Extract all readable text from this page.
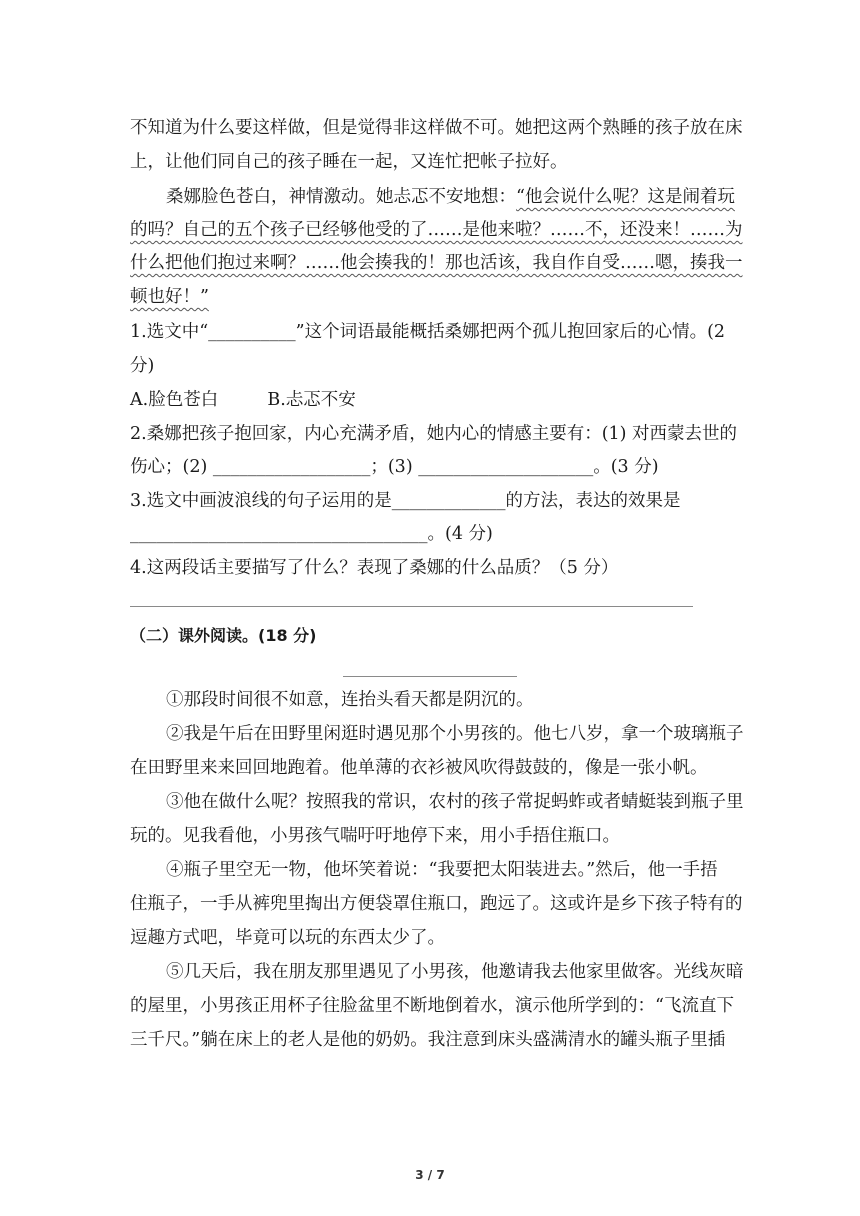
不知道为什么要这样做，但是觉得非这样做不可。她把这两个熟睡的孩子放在床
上，让他们同自己的孩子睡在一起，又连忙把帐子拉好。
桑娜脸色苍白，神情激动。她忐忑不安地想：“他会说什么呢？这是闹着玩
的吗？自己的五个孩子已经够他受的了……是他来啦？……不，还没来！……为
什么把他们抱过来啊？……他会揍我的！那也活该，我自作自受……嗯，揍我一
顿也好！”
1.选文中“__________”这个词语最能概括桑娜把两个孤儿抱回家后的心情。(2
分)
A.脸色苍白	B.忐忑不安
2.桑娜把孩子抱回家，内心充满矛盾，她内心的情感主要有：(1) 对西蒙去世的
伤心；(2) __________________；(3) ____________________。(3 分)
3.选文中画波浪线的句子运用的是_____________的方法，表达的效果是
__________________________________。(4 分)
4.这两段话主要描写了什么？表现了桑娜的什么品质？（5 分）
（二）课外阅读。(18 分)
①那段时间很不如意，连抬头看天都是阴沉的。
②我是午后在田野里闲逛时遇见那个小男孩的。他七八岁，拿一个玻璃瓶子
在田野里来来回回地跑着。他单薄的衣衫被风吹得鼓鼓的，像是一张小帆。
③他在做什么呢？按照我的常识，农村的孩子常捉蚂蚱或者蜻蜓装到瓶子里
玩的。见我看他，小男孩气喘吁吁地停下来，用小手捂住瓶口。
④瓶子里空无一物，他坏笑着说：“我要把太阳装进去。”然后，他一手捂
住瓶子，一手从裤兜里掏出方便袋罩住瓶口，跑远了。这或许是乡下孩子特有的
逗趣方式吧，毕竟可以玩的东西太少了。
⑤几天后，我在朋友那里遇见了小男孩，他邀请我去他家里做客。光线灰暗
的屋里，小男孩正用杯子往脸盆里不断地倒着水，演示他所学到的：“飞流直下
三千尺。”躺在床上的老人是他的奶奶。我注意到床头盛满清水的罐头瓶子里插
3 / 7
